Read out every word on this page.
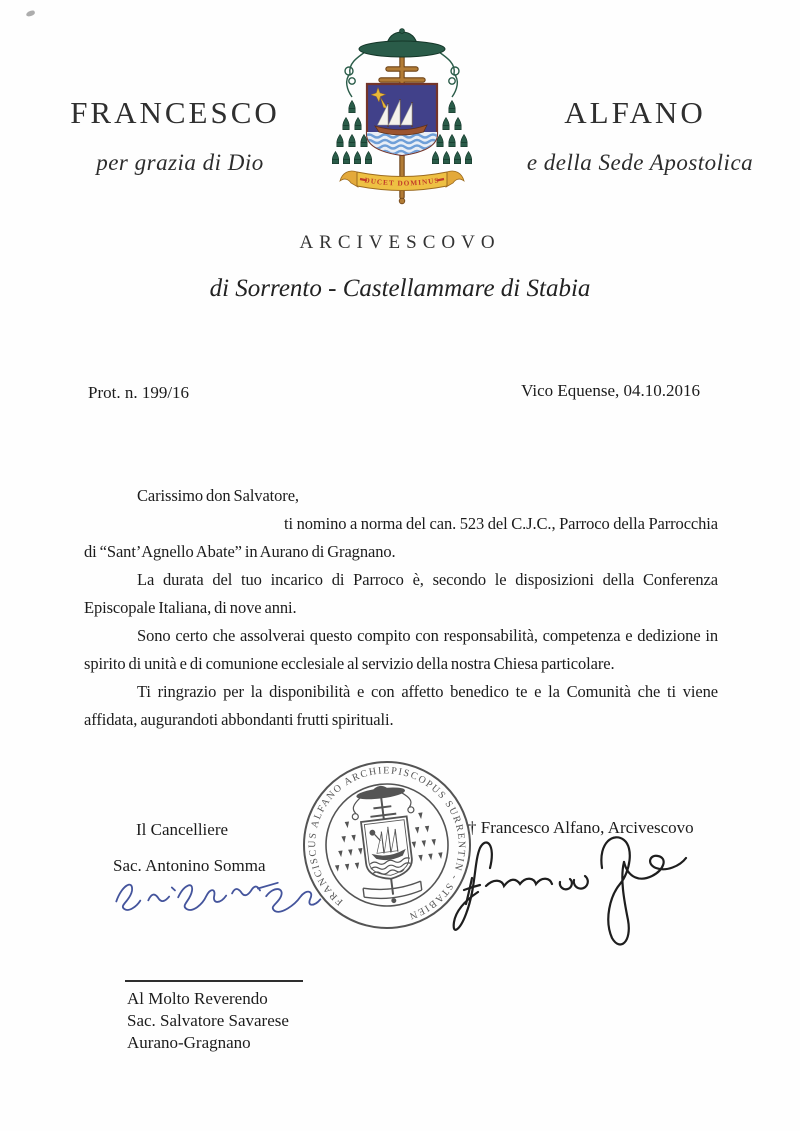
FRANCESCO	ALFANO
per grazia di Dio	e della Sede Apostolica
DUCET DOMINUS
ARCIVESCOVO
di Sorrento - Castellammare di Stabia
Prot. n. 199/16	Vico Equense, 04.10.2016

Carissimo don Salvatore,

ti nomino a norma del can. 523 del C.J.C., Parroco della Parrocchia di “Sant’Agnello Abate” in Aurano di Gragnano.

La durata del tuo incarico di Parroco è, secondo le disposizioni della Conferenza Episcopale Italiana, di nove anni.

Sono certo che assolverai questo compito con responsabilità, competenza e dedizione in spirito di unità e di comunione ecclesiale al servizio della nostra Chiesa particolare.

Ti ringrazio per la disponibilità e con affetto benedico te e la Comunità che ti viene affidata, augurandoti abbondanti frutti spirituali.

Il Cancelliere
Sac. Antonino Somma
FRANCISCUS ALFANO ARCHIEPISCOPUS SURRENTIN - STABIEN
† Francesco Alfano, Arcivescovo

Al Molto Reverendo

Sac. Salvatore Savarese

Aurano-Gragnano
